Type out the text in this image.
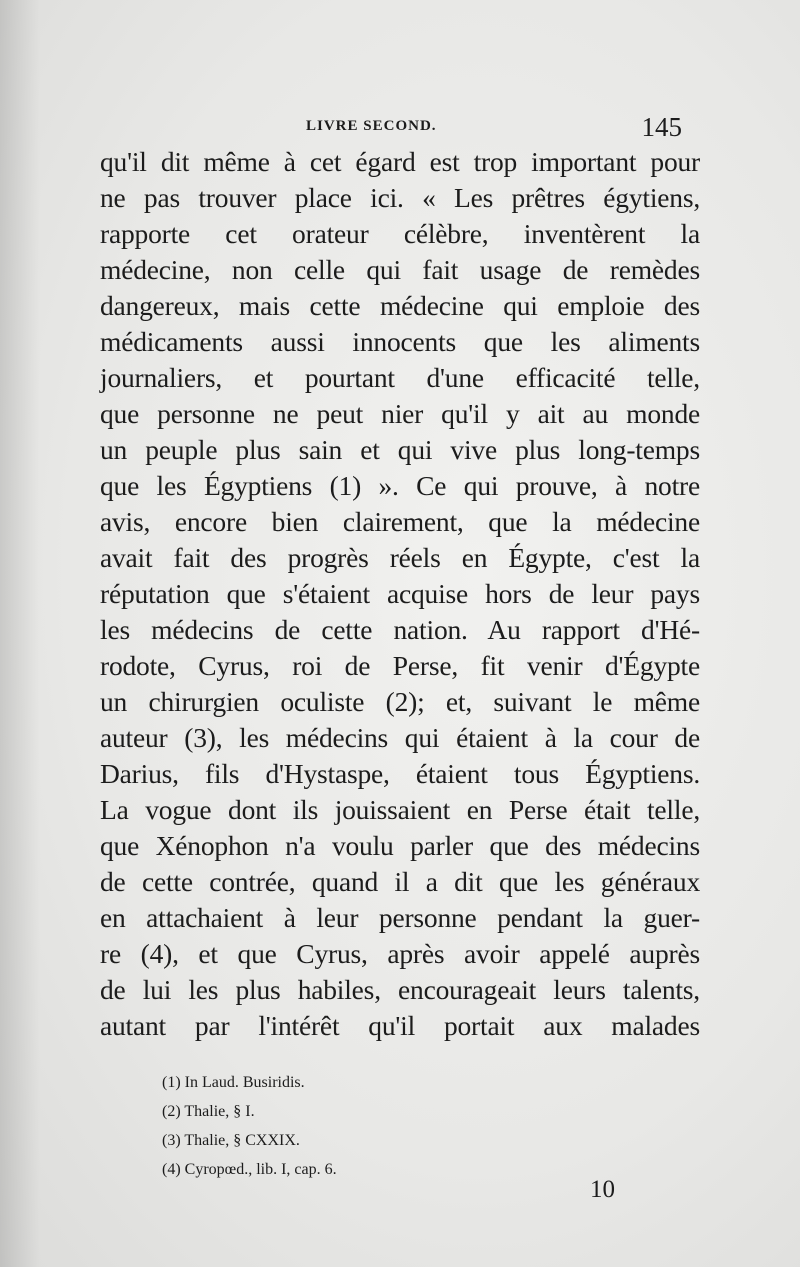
LIVRE SECOND.	145
qu'il dit même à cet égard est trop important pour
ne pas trouver place ici. « Les prêtres égytiens,
rapporte cet orateur célèbre, inventèrent la
médecine, non celle qui fait usage de remèdes
dangereux, mais cette médecine qui emploie des
médicaments aussi innocents que les aliments
journaliers, et pourtant d'une efficacité telle,
que personne ne peut nier qu'il y ait au monde
un peuple plus sain et qui vive plus long-temps
que les Égyptiens (1) ». Ce qui prouve, à notre
avis, encore bien clairement, que la médecine
avait fait des progrès réels en Égypte, c'est la
réputation que s'étaient acquise hors de leur pays
les médecins de cette nation. Au rapport d'Hé-
rodote, Cyrus, roi de Perse, fit venir d'Égypte
un chirurgien oculiste (2); et, suivant le même
auteur (3), les médecins qui étaient à la cour de
Darius, fils d'Hystaspe, étaient tous Égyptiens.
La vogue dont ils jouissaient en Perse était telle,
que Xénophon n'a voulu parler que des médecins
de cette contrée, quand il a dit que les généraux
en attachaient à leur personne pendant la guer-
re (4), et que Cyrus, après avoir appelé auprès
de lui les plus habiles, encourageait leurs talents,
autant par l'intérêt qu'il portait aux malades
(1) In Laud. Busiridis.
(2) Thalie, § I.
(3) Thalie, § CXXIX.
(4) Cyropœd., lib. I, cap. 6.
10
